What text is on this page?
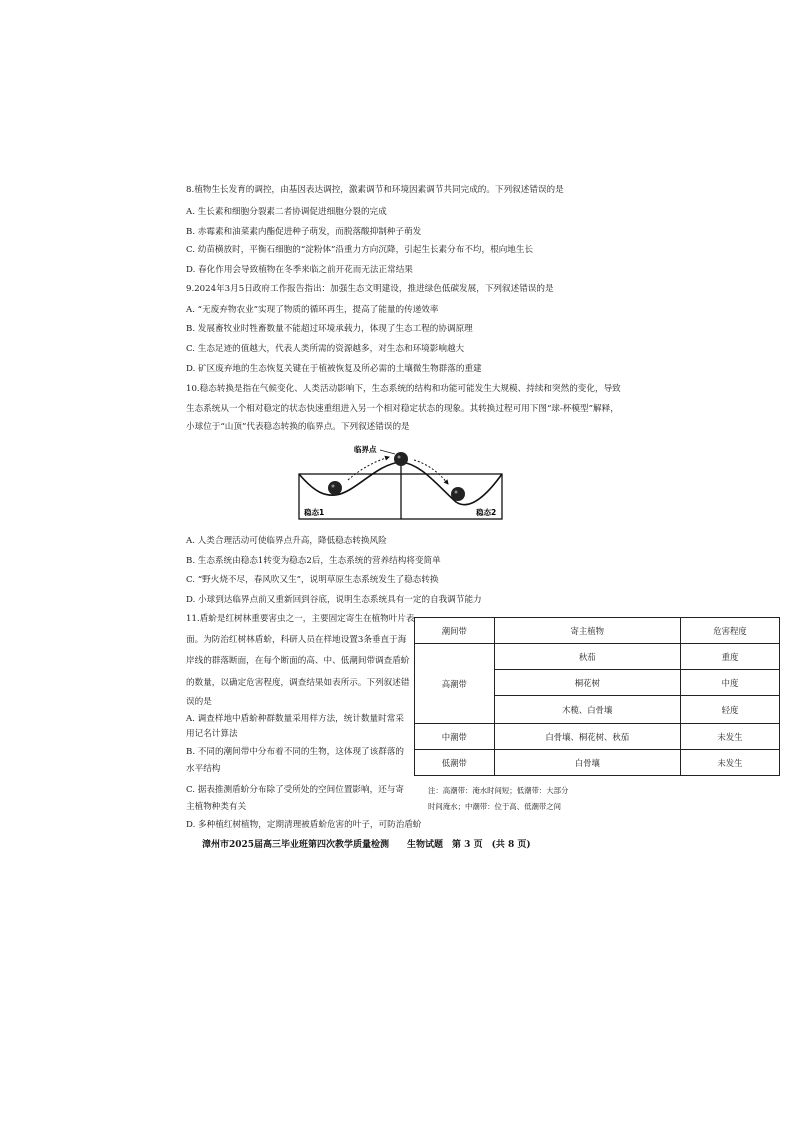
8.植物生长发育的调控，由基因表达调控，激素调节和环境因素调节共同完成的。下列叙述错误的是
A. 生长素和细胞分裂素二者协调促进细胞分裂的完成
B. 赤霉素和油菜素内酯促进种子萌发，而脱落酸抑制种子萌发
C. 幼苗横放时，平衡石细胞的“淀粉体”沿重力方向沉降，引起生长素分布不均，根向地生长
D. 春化作用会导致植物在冬季来临之前开花而无法正常结果
9.2024年3月5日政府工作报告指出：加强生态文明建设，推进绿色低碳发展，下列叙述错误的是
A. “无废弃物农业”实现了物质的循环再生，提高了能量的传递效率
B. 发展畜牧业时牲畜数量不能超过环境承载力，体现了生态工程的协调原理
C. 生态足迹的值越大，代表人类所需的资源越多，对生态和环境影响越大
D. 矿区废弃地的生态恢复关键在于植被恢复及所必需的土壤微生物群落的重建
10.稳态转换是指在气候变化、人类活动影响下，生态系统的结构和功能可能发生大规模、持续和突然的变化，导致
生态系统从一个相对稳定的状态快速重组进入另一个相对稳定状态的现象。其转换过程可用下图“球-杯模型”解释，
小球位于“山顶”代表稳态转换的临界点。下列叙述错误的是
临界点
稳态1	稳态2
A. 人类合理活动可使临界点升高，降低稳态转换风险
B. 生态系统由稳态1转变为稳态2后，生态系统的营养结构将变简单
C. “野火烧不尽，春风吹又生”，说明草原生态系统发生了稳态转换
D. 小球到达临界点前又重新回到谷底，说明生态系统具有一定的自我调节能力
11.盾蚧是红树林重要害虫之一，主要固定寄生在植物叶片表
面。为防治红树林盾蚧，科研人员在样地设置3条垂直于海
岸线的群落断面，在每个断面的高、中、低潮间带调查盾蚧
的数量，以确定危害程度，调查结果如表所示。下列叙述错
误的是
A. 调查样地中盾蚧种群数量采用样方法，统计数量时常采
用记名计算法
B. 不同的潮间带中分布着不同的生物，这体现了该群落的
水平结构
C. 据表推测盾蚧分布除了受所处的空间位置影响，还与寄
主植物种类有关
D. 多种植红树植物，定期清理被盾蚧危害的叶子，可防治盾蚧
潮间带	寄主植物	危害程度
高潮带	秋茄	重度
	桐花树	中度
	木榄、白骨壤	轻度
中潮带	白骨壤、桐花树、秋茄	未发生
低潮带	白骨壤	未发生
注：高潮带：淹水时间短；低潮带：大部分
时间淹水；中潮带：位于高、低潮带之间
漳州市2025届高三毕业班第四次教学质量检测　　生物试题　第 3 页　(共 8 页)
